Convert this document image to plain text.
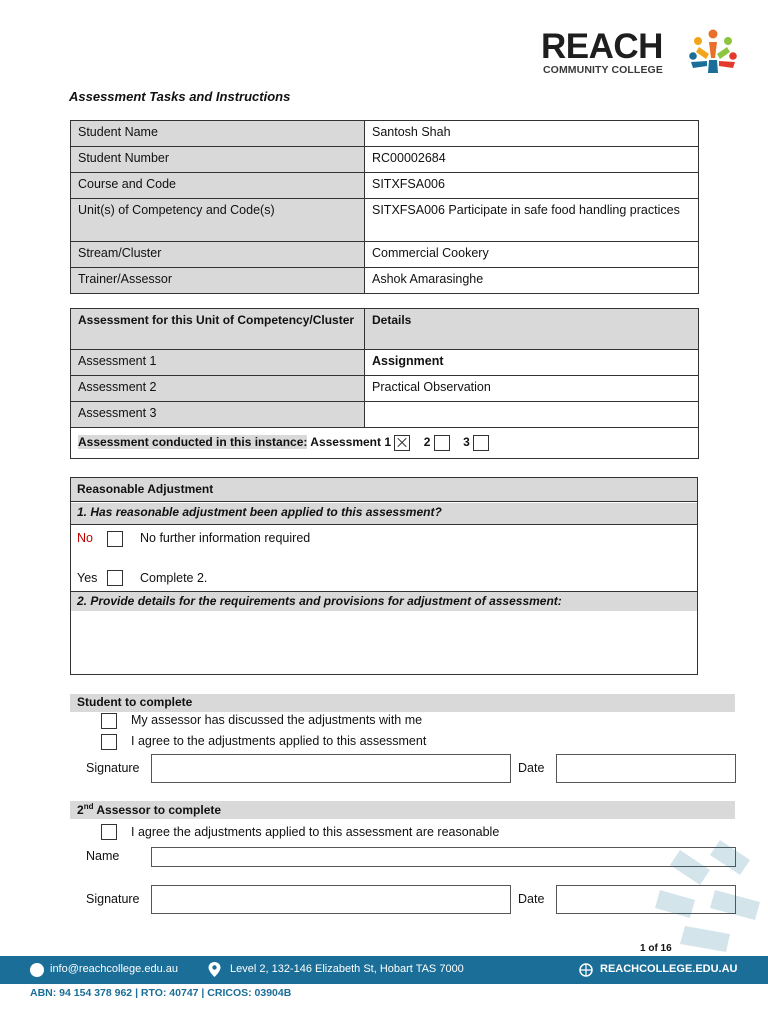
REACH
COMMUNITY COLLEGE
Assessment Tasks and Instructions
Student Name	Santosh Shah
Student Number	RC00002684
Course and Code	SITXFSA006
Unit(s) of Competency and Code(s)	SITXFSA006 Participate in safe food handling practices
Stream/Cluster	Commercial Cookery
Trainer/Assessor	Ashok Amarasinghe
Assessment for this Unit of Competency/Cluster	Details
Assessment 1	Assignment
Assessment 2	Practical Observation
Assessment 3	
Assessment conducted in this instance: Assessment 1 2 3	
Reasonable Adjustment
1. Has reasonable adjustment been applied to this assessment?
No	No further information required
Yes	Complete 2.
2. Provide details for the requirements and provisions for adjustment of assessment:
Student to complete
My assessor has discussed the adjustments with me
I agree to the adjustments applied to this assessment
Signature	Date
2nd Assessor to complete
I agree the adjustments applied to this assessment are reasonable
Name
Signature	Date
1 of 16
info@reachcollege.edu.au	Level 2, 132-146 Elizabeth St, Hobart TAS 7000	REACHCOLLEGE.EDU.AU
ABN: 94 154 378 962 | RTO: 40747 | CRICOS: 03904B
